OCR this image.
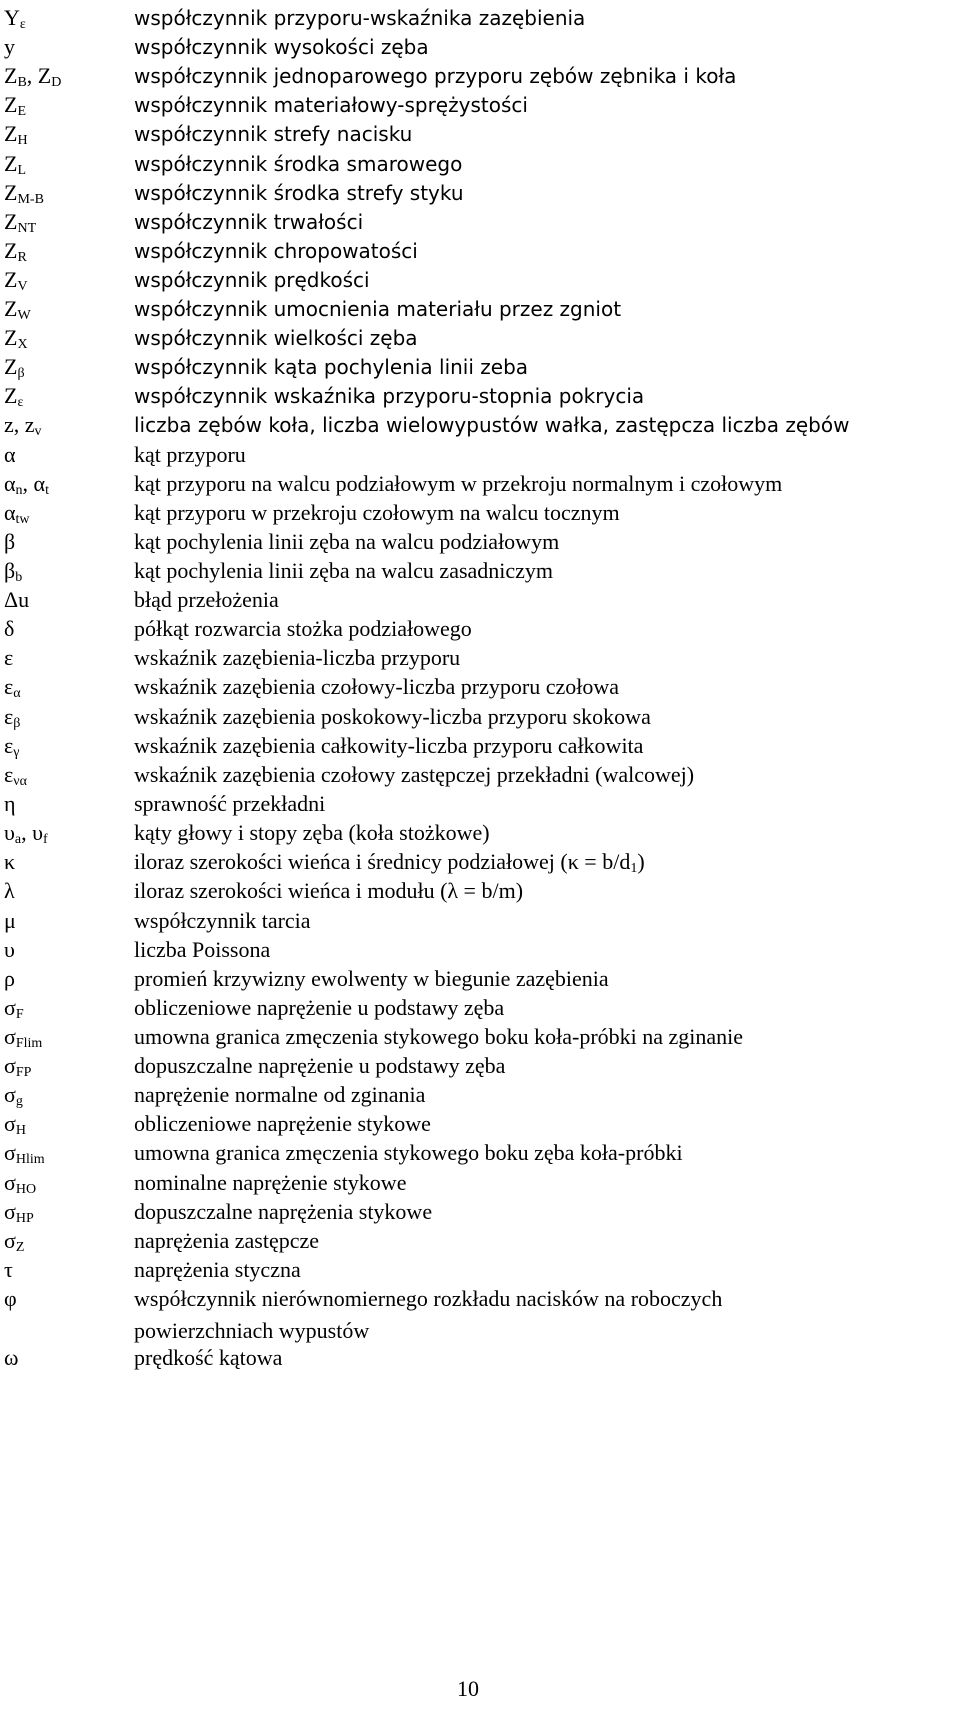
$Y_\varepsilon$	współczynnik przyporu-wskaźnika zazębienia
y	współczynnik wysokości zęba
$Z_B$, $Z_D$	współczynnik jednoparowego przyporu zębów zębnika i koła
$Z_E$	współczynnik materiałowy-sprężystości
$Z_H$	współczynnik strefy nacisku
$Z_L$	współczynnik środka smarowego
$Z_{M-B}$	współczynnik środka strefy styku
$Z_{NT}$	współczynnik trwałości
$Z_R$	współczynnik chropowatości
$Z_V$	współczynnik prędkości
$Z_W$	współczynnik umocnienia materiału przez zgniot
$Z_X$	współczynnik wielkości zęba
$Z_\beta$	współczynnik kąta pochylenia linii zeba
$Z_\varepsilon$	współczynnik wskaźnika przyporu-stopnia pokrycia
z, $z_v$	liczba zębów koła, liczba wielowypustów wałka, zastępcza liczba zębów
α	kąt przyporu
$\alpha_n$, $\alpha_t$	kąt przyporu na walcu podziałowym w przekroju normalnym i czołowym
$\alpha_{tw}$	kąt przyporu w przekroju czołowym na walcu tocznym
β	kąt pochylenia linii zęba na walcu podziałowym
$\beta_b$	kąt pochylenia linii zęba na walcu zasadniczym
Δu	błąd przełożenia
δ	półkąt rozwarcia stożka podziałowego
ε	wskaźnik zazębienia-liczba przyporu
$\varepsilon_\alpha$	wskaźnik zazębienia czołowy-liczba przyporu czołowa
$\varepsilon_\beta$	wskaźnik zazębienia poskokowy-liczba przyporu skokowa
$\varepsilon_\gamma$	wskaźnik zazębienia całkowity-liczba przyporu całkowita
$\varepsilon_{\nu\alpha}$	wskaźnik zazębienia czołowy zastępczej przekładni (walcowej)
η	sprawność przekładni
$\upsilon_a$, $\upsilon_f$	kąty głowy i stopy zęba (koła stożkowe)
κ	iloraz szerokości wieńca i średnicy podziałowej $(\kappa = b/d_1)$
λ	iloraz szerokości wieńca i modułu (λ = b/m)
μ	współczynnik tarcia
υ	liczba Poissona
ρ	promień krzywizny ewolwenty w biegunie zazębienia
$\sigma_F$	obliczeniowe naprężenie u podstawy zęba
$\sigma_{Flim}$	umowna granica zmęczenia stykowego boku koła-próbki na zginanie
$\sigma_{FP}$	dopuszczalne naprężenie u podstawy zęba
$\sigma_g$	naprężenie normalne od zginania
$\sigma_H$	obliczeniowe naprężenie stykowe
$\sigma_{Hlim}$	umowna granica zmęczenia stykowego boku zęba koła-próbki
$\sigma_{HO}$	nominalne naprężenie stykowe
$\sigma_{HP}$	dopuszczalne naprężenia stykowe
$\sigma_Z$	naprężenia zastępcze
τ	naprężenia styczna
φ	współczynnik nierównomiernego rozkładu nacisków na roboczych powierzchniach wypustów
ω	prędkość kątowa
10
